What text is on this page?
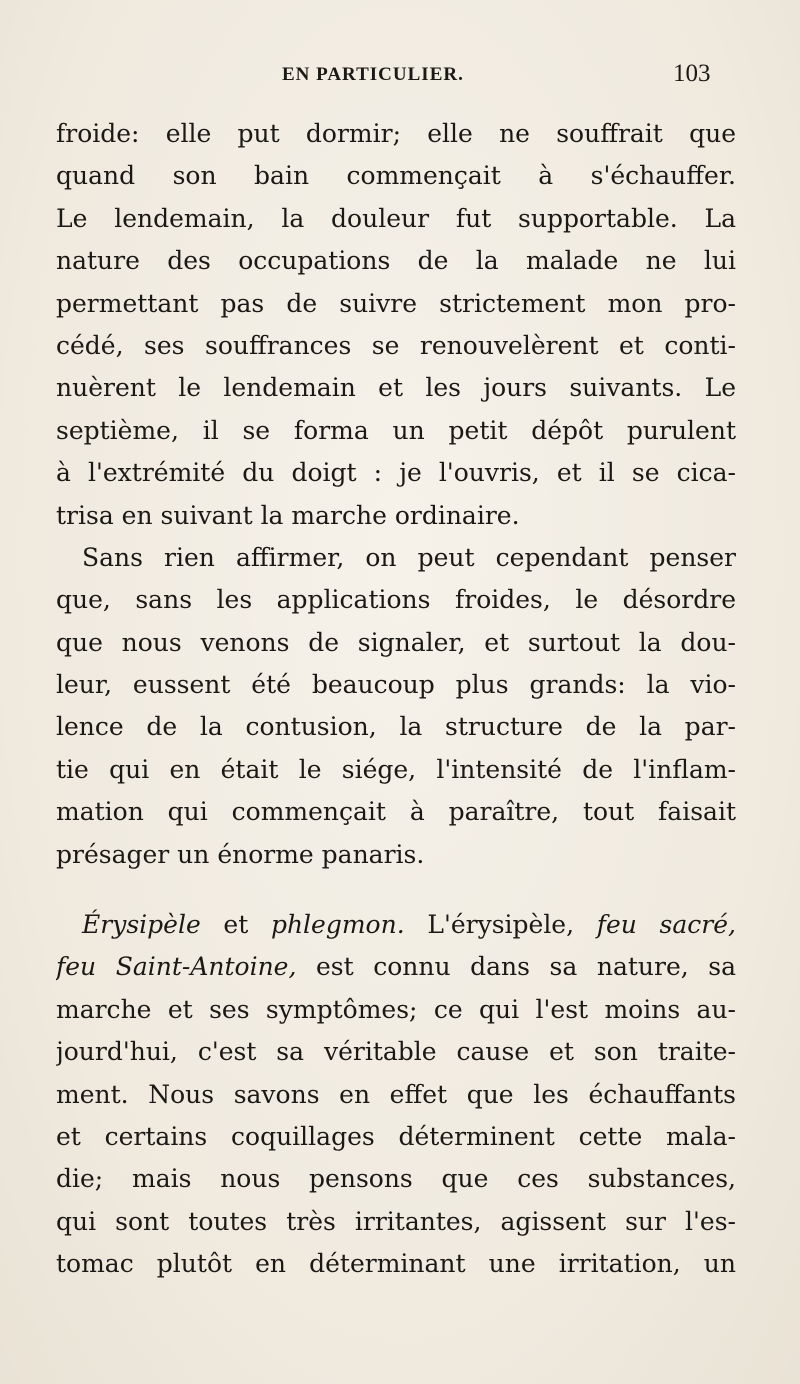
EN PARTICULIER.	103
froide: elle put dormir; elle ne souffrait que
quand son bain commençait à s'échauffer.
Le lendemain, la douleur fut supportable. La
nature des occupations de la malade ne lui
permettant pas de suivre strictement mon pro-
cédé, ses souffrances se renouvelèrent et conti-
nuèrent le lendemain et les jours suivants. Le
septième, il se forma un petit dépôt purulent
à l'extrémité du doigt : je l'ouvris, et il se cica-
trisa en suivant la marche ordinaire.
Sans rien affirmer, on peut cependant penser
que, sans les applications froides, le désordre
que nous venons de signaler, et surtout la dou-
leur, eussent été beaucoup plus grands: la vio-
lence de la contusion, la structure de la par-
tie qui en était le siége, l'intensité de l'inflam-
mation qui commençait à paraître, tout faisait
présager un énorme panaris.
Érysipèle et phlegmon. L'érysipèle, feu sacré,
feu Saint-Antoine, est connu dans sa nature, sa
marche et ses symptômes; ce qui l'est moins au-
jourd'hui, c'est sa véritable cause et son traite-
ment. Nous savons en effet que les échauffants
et certains coquillages déterminent cette mala-
die; mais nous pensons que ces substances,
qui sont toutes très irritantes, agissent sur l'es-
tomac plutôt en déterminant une irritation, un
